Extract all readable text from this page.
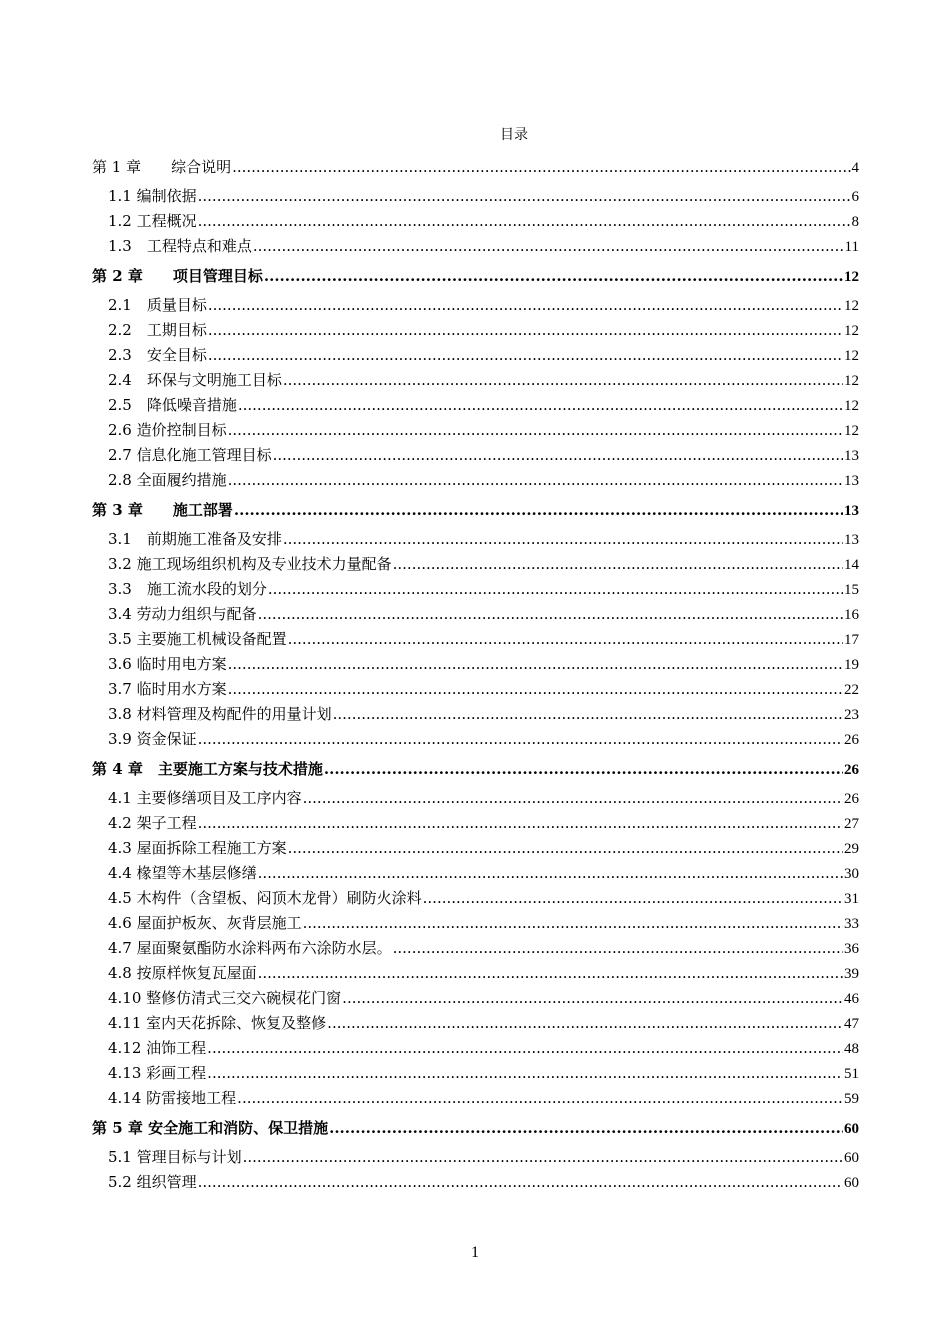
目录
第 1 章　　综合说明 .....	4
1.1 编制依据 .....	6
1.2 工程概况 .....	8
1.3　工程特点和难点 .....	11
第 2 章　　项目管理目标 .....	12
2.1　质量目标 .....	12
2.2　工期目标 .....	12
2.3　安全目标 .....	12
2.4　环保与文明施工目标 .....	12
2.5　降低噪音措施 .....	12
2.6 造价控制目标 .....	12
2.7 信息化施工管理目标 .....	13
2.8 全面履约措施 .....	13
第 3 章　　施工部署 .....	13
3.1　前期施工准备及安排 .....	13
3.2 施工现场组织机构及专业技术力量配备 .....	14
3.3　施工流水段的划分 .....	15
3.4 劳动力组织与配备 .....	16
3.5 主要施工机械设备配置 .....	17
3.6 临时用电方案 .....	19
3.7 临时用水方案 .....	22
3.8 材料管理及构配件的用量计划 .....	23
3.9 资金保证 .....	26
第 4 章　主要施工方案与技术措施 .....	26
4.1 主要修缮项目及工序内容 .....	26
4.2 架子工程 .....	27
4.3 屋面拆除工程施工方案 .....	29
4.4 椽望等木基层修缮 .....	30
4.5 木构件（含望板、闷顶木龙骨）刷防火涂料 .....	31
4.6 屋面护板灰、灰背层施工 .....	33
4.7 屋面聚氨酯防水涂料两布六涂防水层。 .....	36
4.8 按原样恢复瓦屋面 .....	39
4.10 整修仿清式三交六碗棂花门窗 .....	46
4.11 室内天花拆除、恢复及整修 .....	47
4.12 油饰工程 .....	48
4.13 彩画工程 .....	51
4.14 防雷接地工程 .....	59
第 5 章 安全施工和消防、保卫措施 .....	60
5.1 管理目标与计划 .....	60
5.2 组织管理 .....	60
1
